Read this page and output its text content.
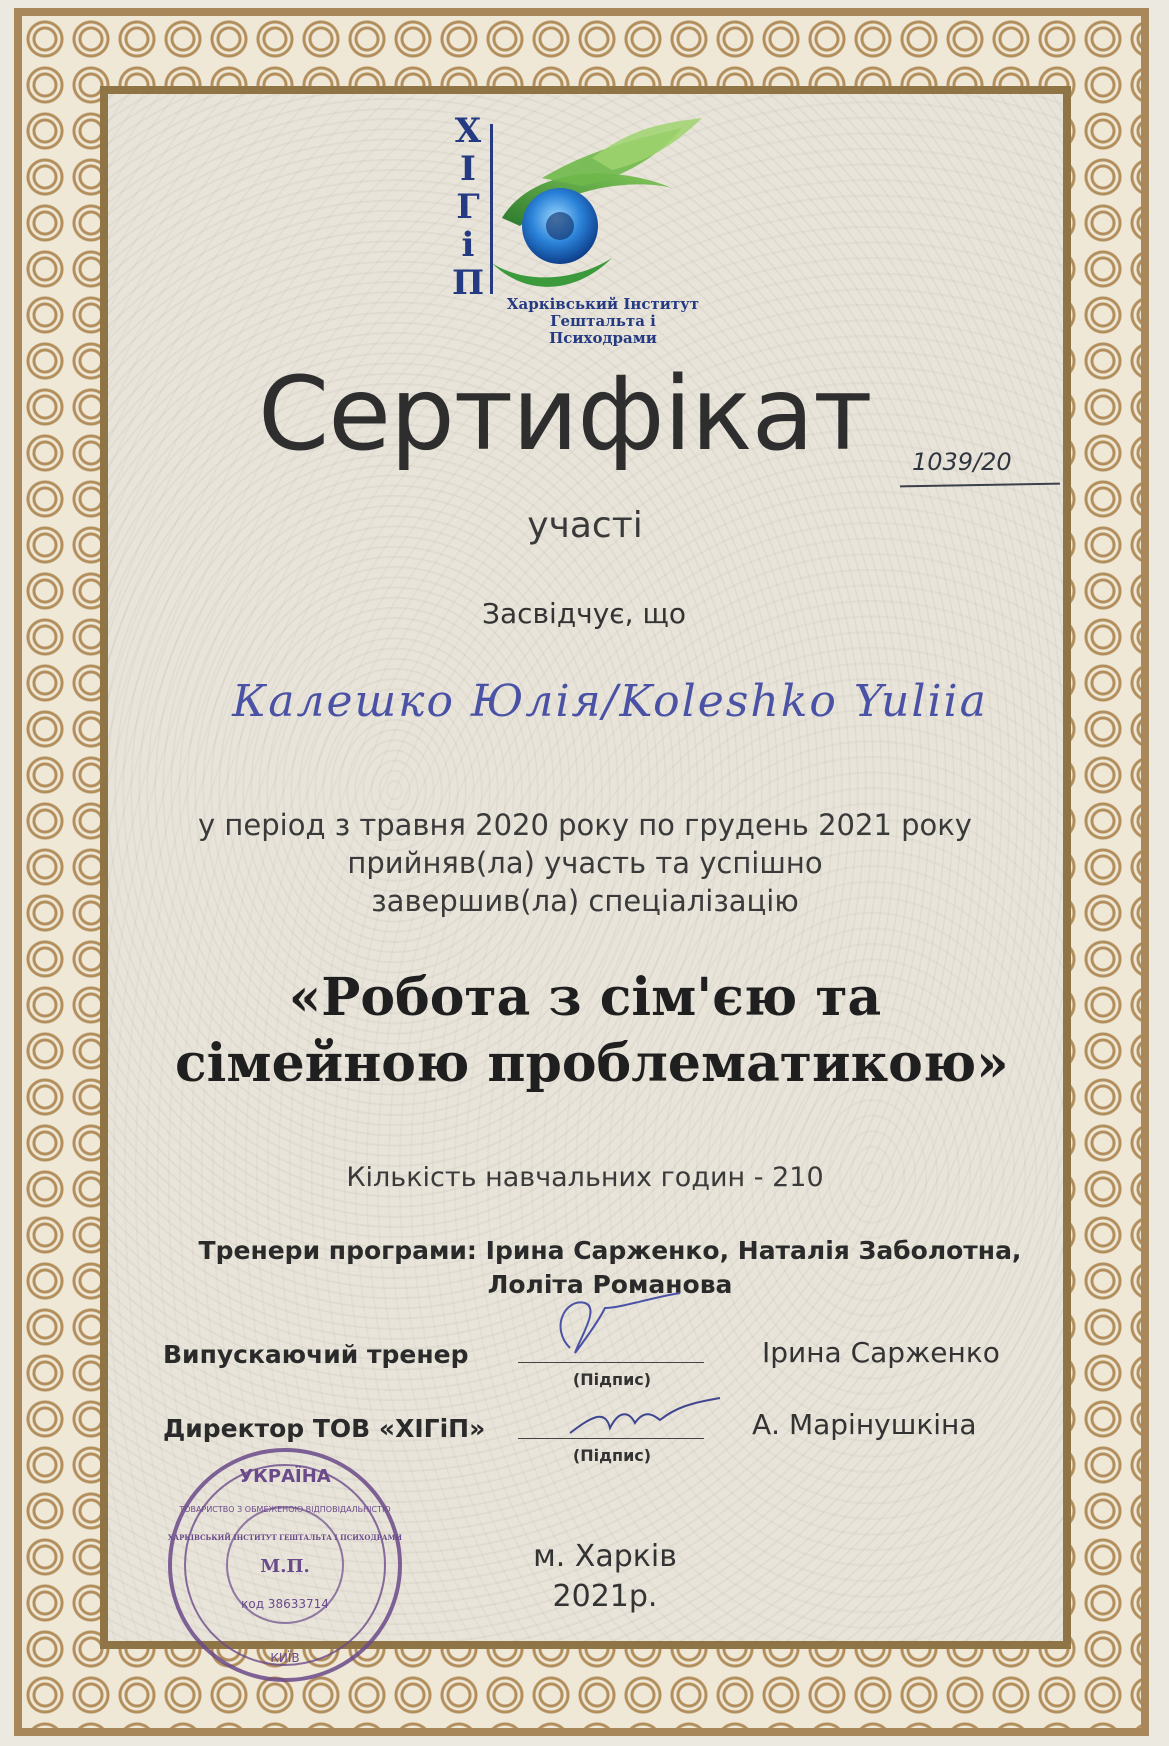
Х
І
Г
і
П
Харківський Інститут
Гештальта і Психодрами
Сертифікат	1039/20
участі
Засвідчує, що
Калешко Юлія/Koleshko Yuliia
у період з травня 2020 року по грудень 2021 року
прийняв(ла) участь та успішно
завершив(ла) спеціалізацію
«Робота з сім'єю та
сімейною проблематикою»
Кількість навчальних годин - 210
Тренери програми: Ірина Сарженко, Наталія Заболотна,
Лоліта Романова
Випускаючий тренер
(Підпис)
Ірина Сарженко
Директор ТОВ «ХІГіП»
(Підпис)
А. Марінушкіна
УКРАЇНА
ТОВАРИСТВО З ОБМЕЖЕНОЮ ВІДПОВІДАЛЬНІСТЮ
ХАРКІВСЬКИЙ ІНСТИТУТ ГЕШТАЛЬТА І ПСИХОДРАМИ
М.П.
код 38633714
КИЇВ
м. Харків
2021р.
